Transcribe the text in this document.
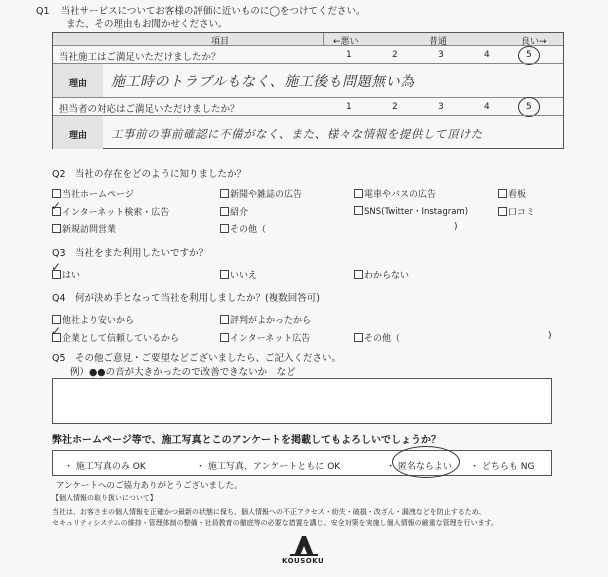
Q1 当社サービスについてお客様の評価に近いものに◯をつけてください。
また、その理由もお聞かせください。
項目	←悪い	普通	良い→
当社施工はご満足いただけましたか？	1	2	3	4	5
理由 施工時のトラブルもなく、施工後も問題無い為
担当者の対応はご満足いただけましたか？	1	2	3	4	5
理由 工事前の事前確認に不備がなく、また、様々な情報を提供して頂けた
Q2　当社の存在をどのように知りましたか？
当社ホームページ	新聞や雑誌の広告	電車やバスの広告	看板
インターネット検索・広告
✓	紹介	SNS(Twitter・Instagram)	口コミ
新規訪問営業	その他（	)
Q3　当社をまた利用したいですか？
はい
✓
いいえ	わからない
Q4　何が決め手となって当社を利用しましたか？(複数回答可)
他社より安いから	評判がよかったから
企業として信頼しているから
✓
インターネット広告	その他（	)
Q5　その他ご意見・ご要望などございましたら、ご記入ください。
例）●●の音が大きかったので改善できないか　など
弊社ホームページ等で、施工写真とこのアンケートを掲載してもよろしいでしょうか？
・ 施工写真のみ OK	・ 施工写真、アンケートともに OK	・ 匿名ならよい ・ どちらも NG
アンケートへのご協力ありがとうございました。
【個人情報の取り扱いについて】
当社は、お客さまの個人情報を正確かつ最新の状態に保ち、個人情報への不正アクセス・紛失・破損・改ざん・漏洩などを防止するため、
セキュリティシステムの維持・管理体制の整備・社員教育の徹底等の必要な措置を講じ、安全対策を実施し個人情報の厳重な管理を行います。
KOUSOKU
